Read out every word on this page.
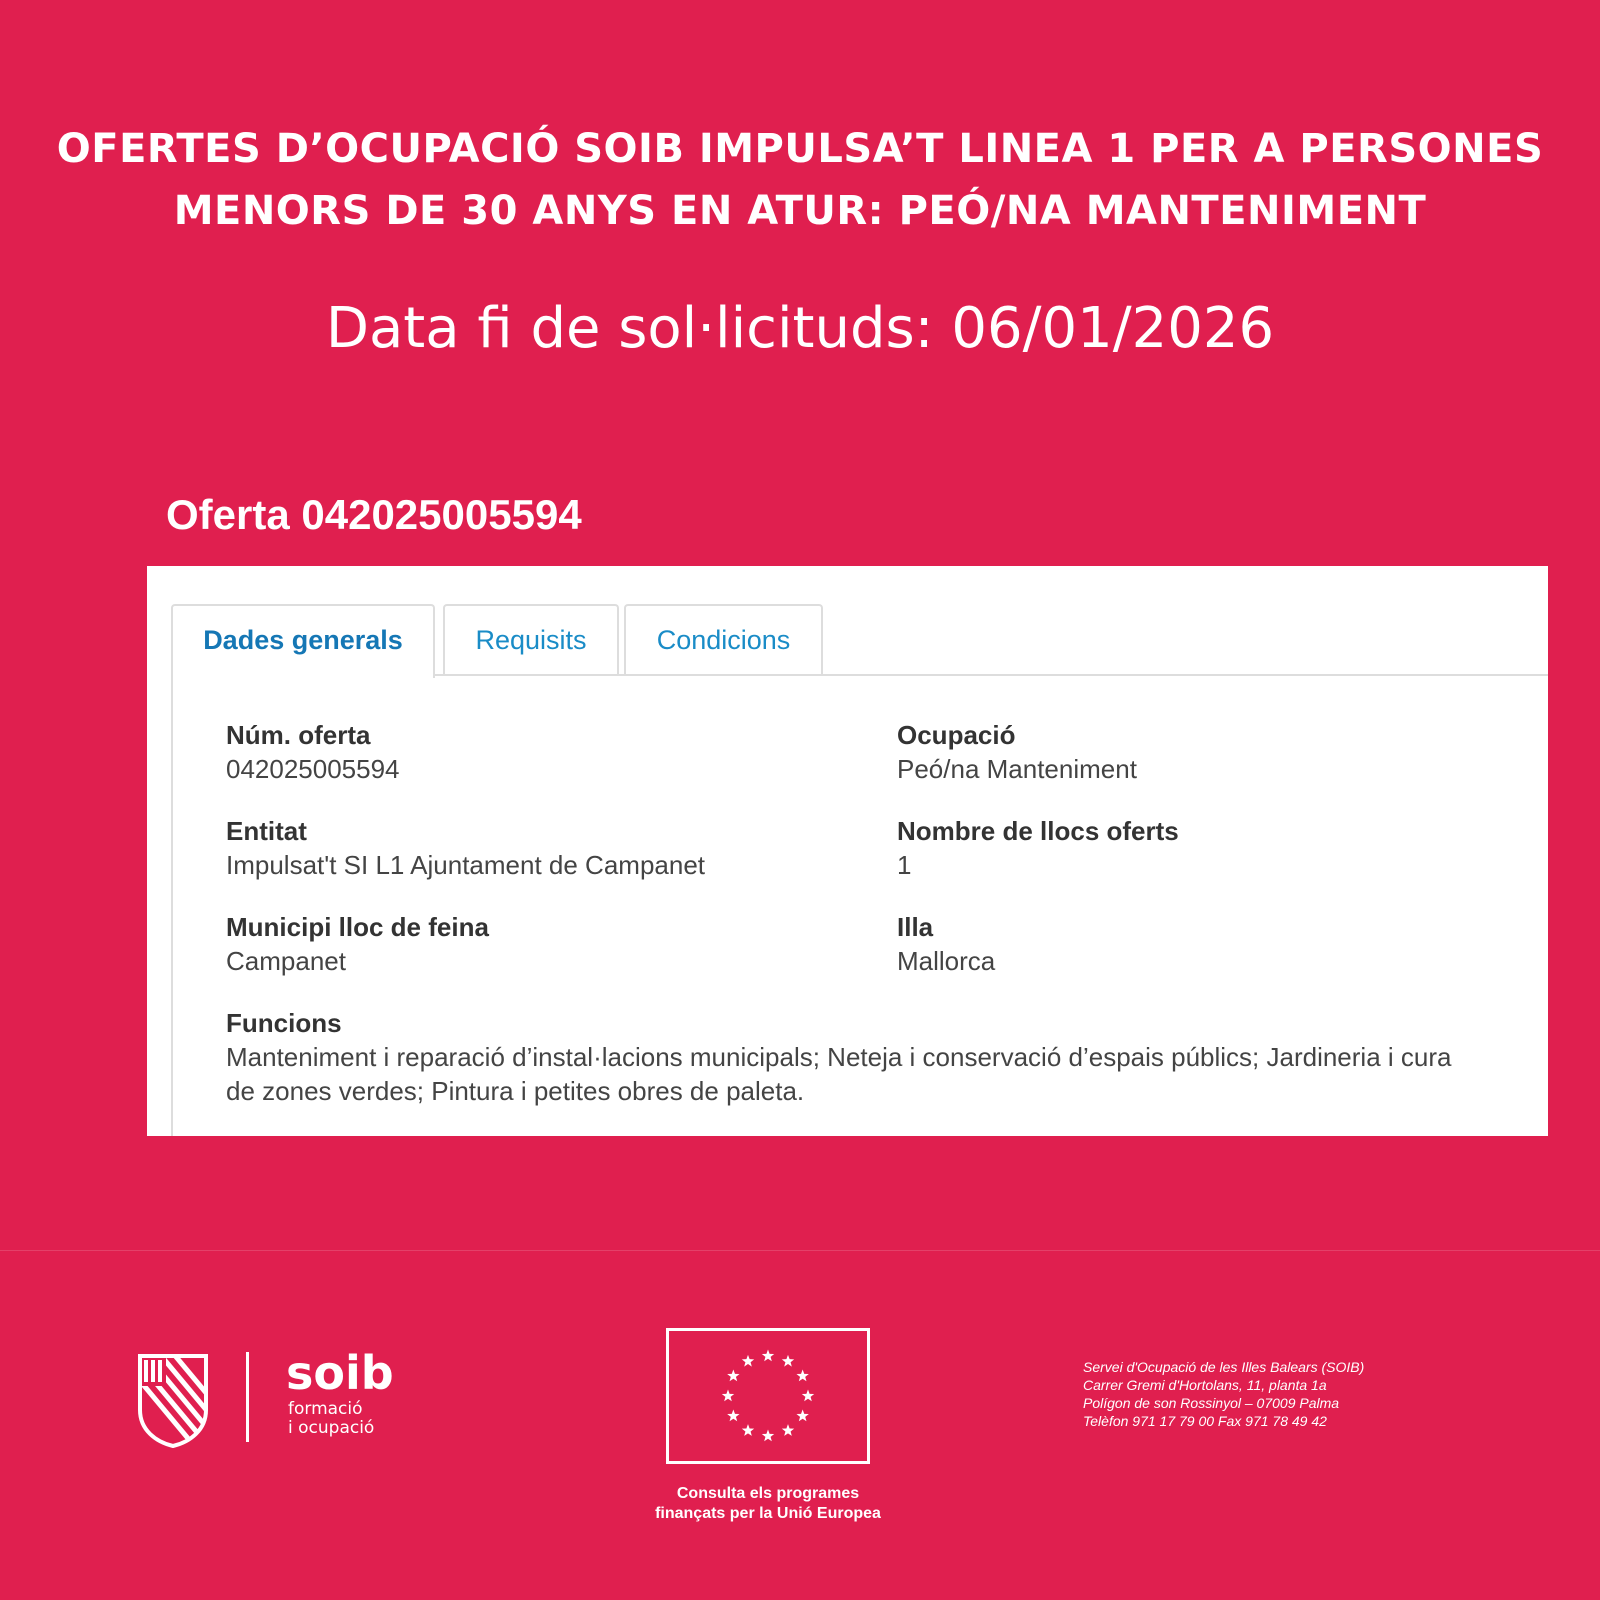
OFERTES D’OCUPACIÓ SOIB IMPULSA’T LINEA 1 PER A PERSONES
MENORS DE 30 ANYS EN ATUR: PEÓ/NA MANTENIMENT
Data fi de sol·licituds: 06/01/2026
Oferta 042025005594
Dades generals	Requisits	Condicions
Núm. oferta
042025005594
Ocupació
Peó/na Manteniment
Entitat
Impulsat't SI L1 Ajuntament de Campanet
Nombre de llocs oferts
1
Municipi lloc de feina
Campanet
Illa
Mallorca
Funcions
Manteniment i reparació d’instal·lacions municipals; Neteja i conservació d’espais públics; Jardineria i cura de zones verdes; Pintura i petites obres de paleta.
soib
formació
i ocupació
Consulta els programes
finançats per la Unió Europea
Servei d'Ocupació de les Illes Balears (SOIB)
Carrer Gremi d'Hortolans, 11, planta 1a
Polígon de son Rossinyol – 07009 Palma
Telèfon 971 17 79 00 Fax 971 78 49 42
